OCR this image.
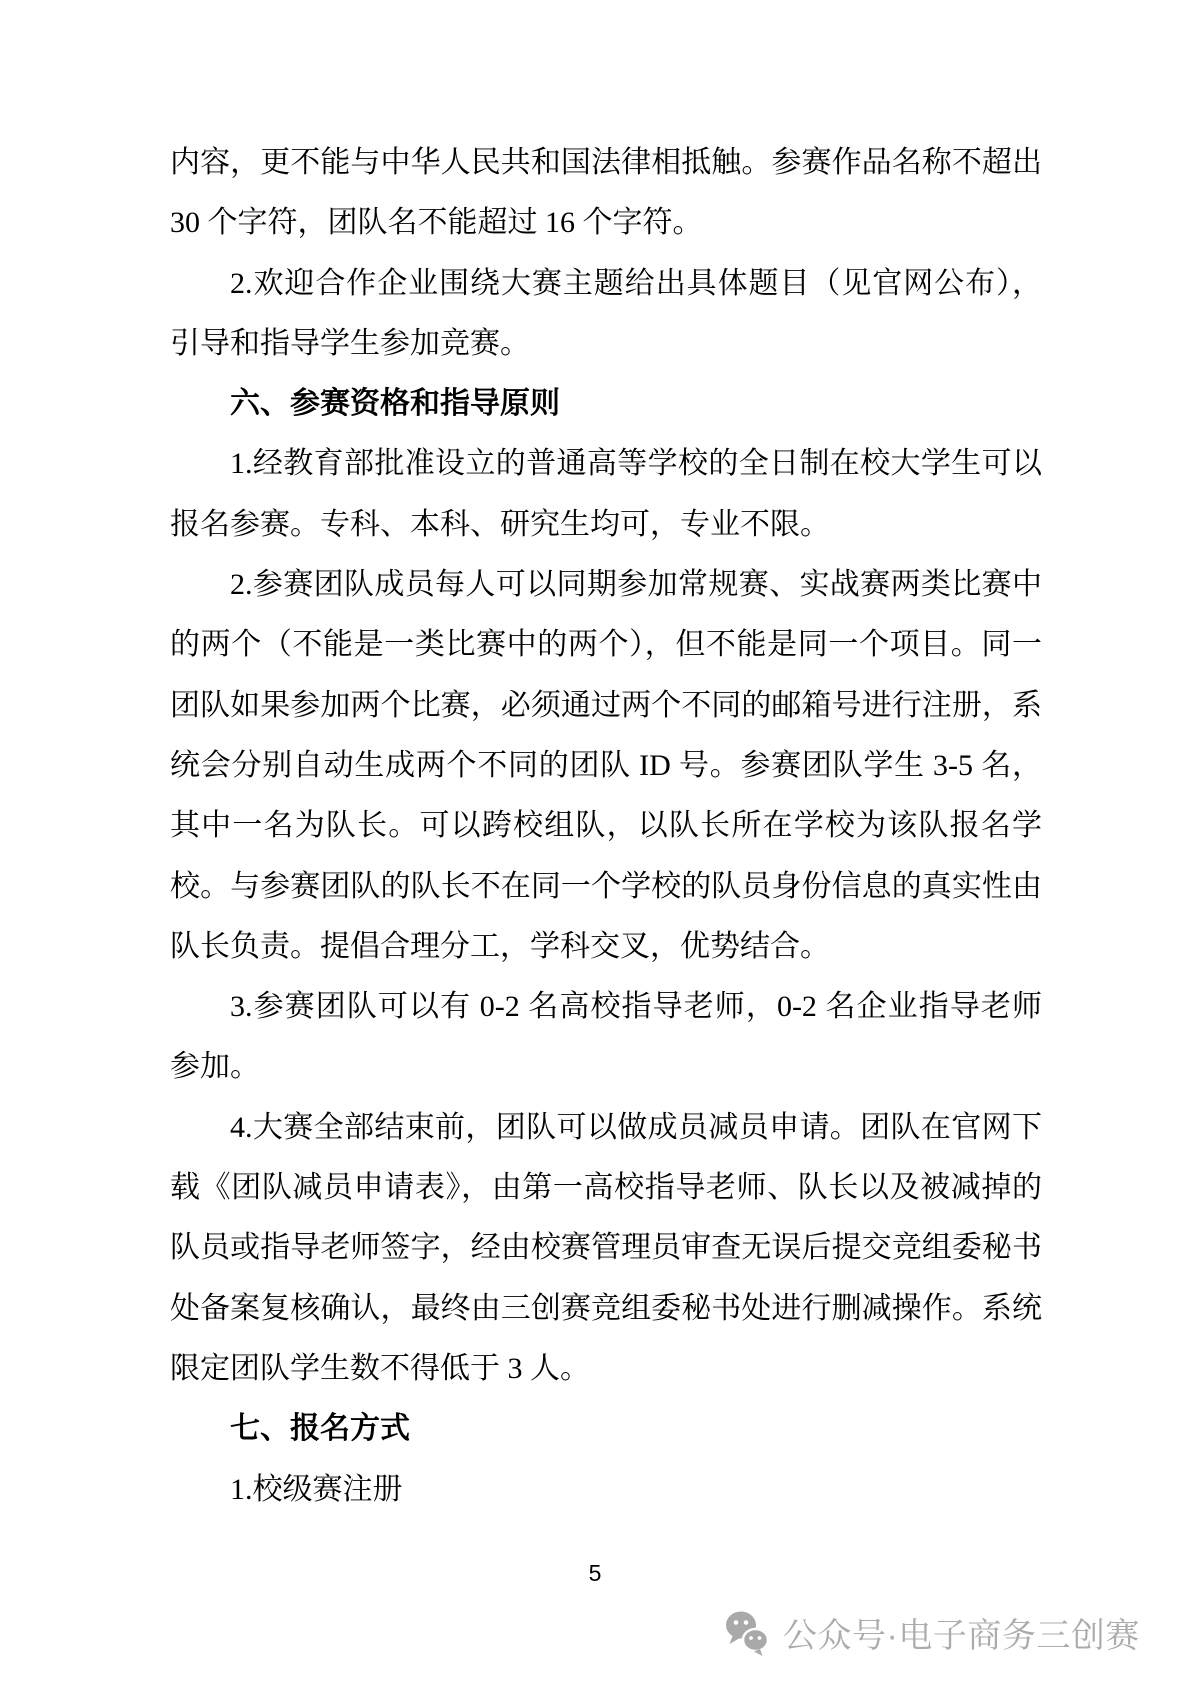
内容，更不能与中华人民共和国法律相抵触。参赛作品名称不超出 30 个字符，团队名不能超过 16 个字符。

2.欢迎合作企业围绕大赛主题给出具体题目（见官网公布），引导和指导学生参加竞赛。

六、参赛资格和指导原则

1.经教育部批准设立的普通高等学校的全日制在校大学生可以报名参赛。专科、本科、研究生均可，专业不限。

2.参赛团队成员每人可以同期参加常规赛、实战赛两类比赛中的两个（不能是一类比赛中的两个），但不能是同一个项目。同一团队如果参加两个比赛，必须通过两个不同的邮箱号进行注册，系统会分别自动生成两个不同的团队 ID 号。参赛团队学生 3-5 名，其中一名为队长。可以跨校组队，以队长所在学校为该队报名学校。与参赛团队的队长不在同一个学校的队员身份信息的真实性由队长负责。提倡合理分工，学科交叉，优势结合。

3.参赛团队可以有 0-2 名高校指导老师，0-2 名企业指导老师参加。

4.大赛全部结束前，团队可以做成员减员申请。团队在官网下载《团队减员申请表》，由第一高校指导老师、队长以及被减掉的队员或指导老师签字，经由校赛管理员审查无误后提交竞组委秘书处备案复核确认，最终由三创赛竞组委秘书处进行删减操作。系统限定团队学生数不得低于 3 人。

七、报名方式

1.校级赛注册

5
公众号·电子商务三创赛
